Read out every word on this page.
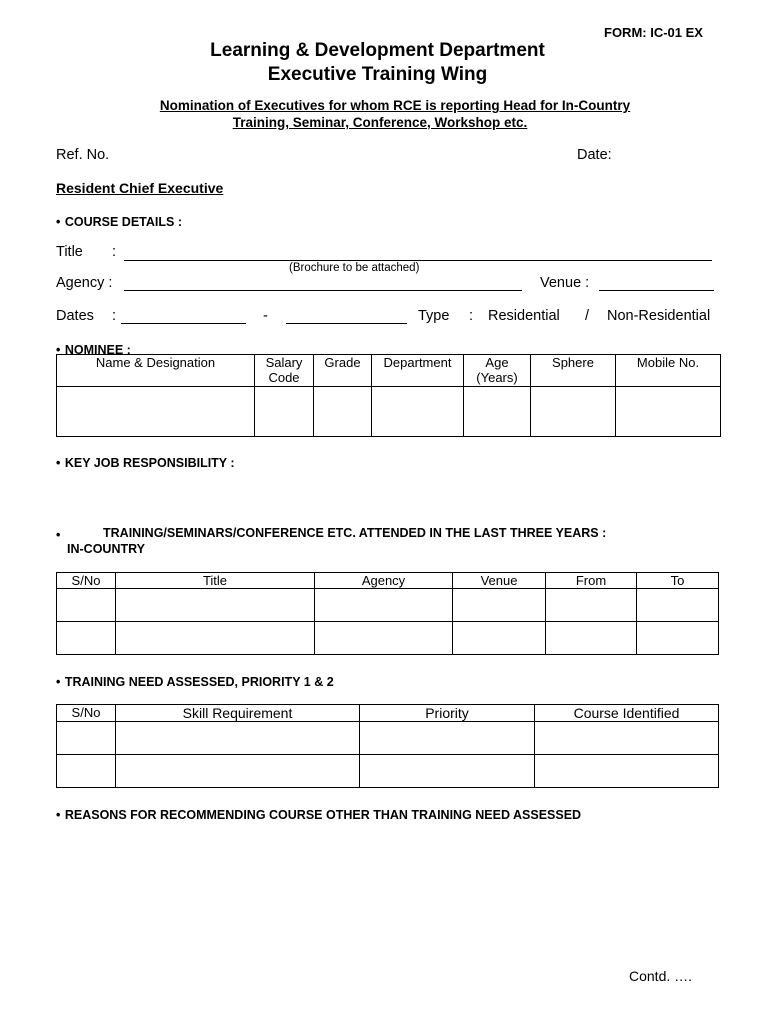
FORM: IC-01 EX
Learning & Development Department
Executive Training Wing
Nomination of Executives for whom RCE is reporting Head for In-Country
Training, Seminar, Conference, Workshop etc.
Ref. No.	Date:
Resident Chief Executive
• COURSE DETAILS :
Title :
(Brochure to be attached)
Agency :	Venue :
Dates :	-	Type : Residential / Non-Residential
• NOMINEE :
Name & Designation	Salary Code	Grade	Department	Age (Years)	Sphere	Mobile No.

• KEY JOB RESPONSIBILITY :
•	TRAINING/SEMINARS/CONFERENCE ETC. ATTENDED IN THE LAST THREE YEARS :
IN-COUNTRY
S/No	Title	Agency	Venue	From	To

• TRAINING NEED ASSESSED, PRIORITY 1 & 2
S/No	Skill Requirement	Priority	Course Identified

• REASONS FOR RECOMMENDING COURSE OTHER THAN TRAINING NEED ASSESSED
Contd. ….
